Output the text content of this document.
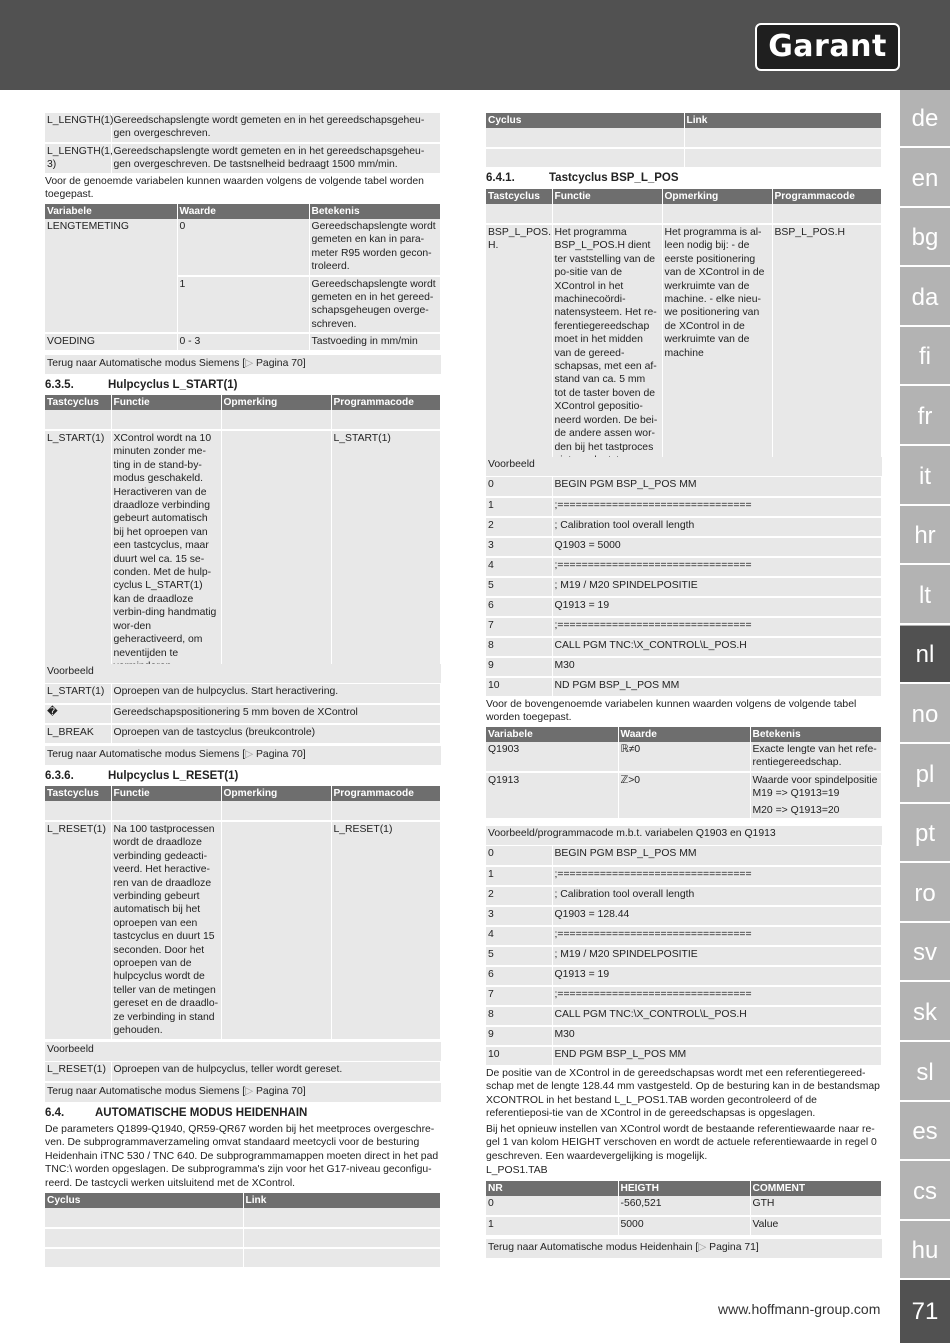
Garant
de
en
bg
da
fi
fr
it
hr
lt
nl
no
pl
pt
ro
sv
sk
sl
es
cs
hu
71
www.hoffmann-group.com
L_LENGTH(1)	Gereedschapslengte wordt gemeten en in het gereedschapsgeheu-gen overgeschreven.
L_LENGTH(1, 3)	Gereedschapslengte wordt gemeten en in het gereedschapsgeheu-gen overgeschreven. De tastsnelheid bedraagt 1500 mm/min.
Voor de genoemde variabelen kunnen waarden volgens de volgende tabel worden toegepast.
Variabele	Waarde	Betekenis
LENGTEMETING	0	Gereedschapslengte wordt gemeten en kan in para-meter R95 worden gecon-troleerd.
	1	Gereedschapslengte wordt gemeten en in het gereed-schapsgeheugen overge-schreven.
VOEDING	0 - 3	Tastvoeding in mm/min
Terug naar Automatische modus Siemens [▷ Pagina 70]
6.3.5.	Hulpcyclus L_START(1)
Tastcyclus	Functie	Opmerking	Programmacode

L_START(1)	XControl wordt na 10 minuten zonder me-ting in de stand-by-modus geschakeld. Heractiveren van de draadloze verbinding gebeurt automatisch bij het oproepen van een tastcyclus, maar duurt wel ca. 15 se-conden. Met de hulp-cyclus L_START(1) kan de draadloze verbin-ding handmatig wor-den geheractiveerd, om neventijden te		L_START(1)
Voorbeeld
L_START(1)	Oproepen van de hulpcyclus. Start heractivering.
�	Gereedschapspositionering 5 mm boven de XControl
L_BREAK	Oproepen van de tastcyclus (breukcontrole)
Terug naar Automatische modus Siemens [▷ Pagina 70]
6.3.6.	Hulpcyclus L_RESET(1)
Tastcyclus	Functie	Opmerking	Programmacode

L_RESET(1)	Na 100 tastprocessen wordt de draadloze verbinding gedeacti-veerd. Het heractive-ren van de draadloze verbinding gebeurt automatisch bij het oproepen van een tastcyclus en duurt 15 seconden. Door het oproepen van de hulpcyclus wordt de teller van de metingen gereset en de draadlo-ze verbinding in stand gehouden.		L_RESET(1)
Voorbeeld
L_RESET(1)	Oproepen van de hulpcyclus, teller wordt gereset.
Terug naar Automatische modus Siemens [▷ Pagina 70]
6.4.	AUTOMATISCHE MODUS HEIDENHAIN
De parameters Q1899-Q1940, QR59-QR67 worden bij het meetproces overgeschre-ven. De subprogrammaverzameling omvat standaard meetcycli voor de besturing Heidenhain iTNC 530 / TNC 640. De subprogrammamappen moeten direct in het pad TNC:\ worden opgeslagen. De subprogramma's zijn voor het G17-niveau geconfigu-reerd. De tastcycli werken uitsluitend met de XControl.
Cyclus	Link

Cyclus	Link

6.4.1.	Tastcyclus BSP_L_POS
Tastcyclus	Functie	Opmerking	Programmacode

BSP_L_POS. H.	Het programma BSP_L_POS.H dient ter vaststelling van de po-sitie van de XControl in het machinecoördi-natensysteem. Het re-ferentiegereedschap moet in het midden van de gereed-schapsas, met een af-stand van ca. 5 mm tot de taster boven de XControl gepositio-neerd worden. De bei-de andere assen wor-den bij het tastproces	Het programma is al-leen nodig bij: - de eerste positionering van de XControl in de werkruimte van de machine. - elke nieu-we positionering van de XControl in de werkruimte van de machine	BSP_L_POS.H
Voorbeeld
0	BEGIN PGM BSP_L_POS MM
1	;================================
2	; Calibration tool overall length
3	Q1903 = 5000
4	;================================
5	; M19 / M20 SPINDELPOSITIE
6	Q1913 = 19
7	;================================
8	CALL PGM TNC:\X_CONTROL\L_POS.H
9	M30
10	ND PGM BSP_L_POS MM
Voor de bovengenoemde variabelen kunnen waarden volgens de volgende tabel worden toegepast.
Variabele	Waarde	Betekenis
Q1903	ℝ≠0	Exacte lengte van het refe-rentiegereedschap.
Q1913	ℤ>0	Waarde voor spindelpositie M19 => Q1913=19
M20 => Q1913=20
Voorbeeld/programmacode m.b.t. variabelen Q1903 en Q1913
0	BEGIN PGM BSP_L_POS MM
1	;================================
2	; Calibration tool overall length
3	Q1903 = 128.44
4	;================================
5	; M19 / M20 SPINDELPOSITIE
6	Q1913 = 19
7	;================================
8	CALL PGM TNC:\X_CONTROL\L_POS.H
9	M30
10	END PGM BSP_L_POS MM
De positie van de XControl in de gereedschapsas wordt met een referentiegereed-schap met de lengte 128.44 mm vastgesteld. Op de besturing kan in de bestandsmap XCONTROL in het bestand L_L_POS1.TAB worden gecontroleerd of de referentieposi-tie van de XControl in de gereedschapsas is opgeslagen.
Bij het opnieuw instellen van XControl wordt de bestaande referentiewaarde naar re-gel 1 van kolom HEIGHT verschoven en wordt de actuele referentiewaarde in regel 0 geschreven. Een waardevergelijking is mogelijk.
L_POS1.TAB
NR	HEIGTH	COMMENT
0	-560,521	GTH
1	5000	Value
Terug naar Automatische modus Heidenhain [▷ Pagina 71]
